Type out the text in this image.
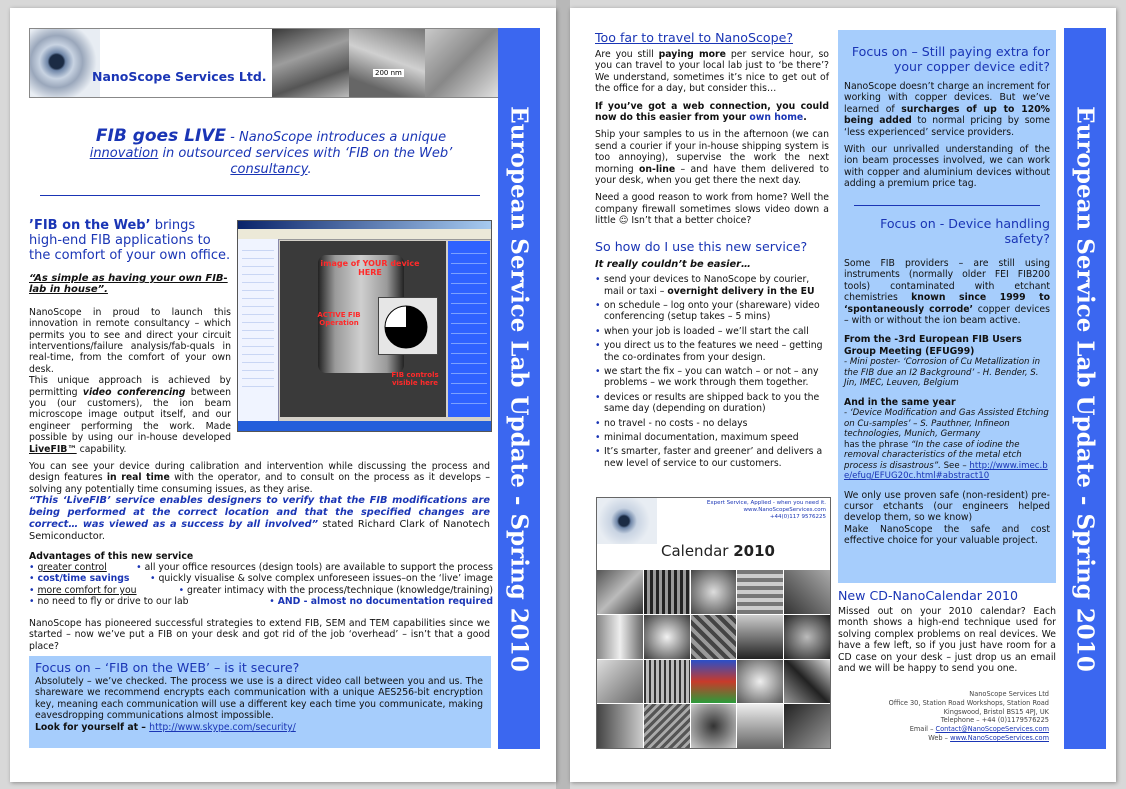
NanoScope Services Ltd.	200 nm
European Service Lab Update - Spring 2010
FIB goes LIVE - NanoScope introduces a unique innovation in outsourced services with ‘FIB on the Web’ consultancy.
’FIB on the Web’ brings high-end FIB applications to the comfort of your own office.
“As simple as having your own FIB-lab in house”.
NanoScope in proud to launch this innovation in remote consultancy – which permits you to see and direct your circuit interventions/failure analysis/fab-quals in real-time, from the comfort of your own desk.
This unique approach is achieved by permitting video conferencing between you (our customers), the ion beam microscope image output itself, and our engineer performing the work. Made possible by using our in-house developed LiveFIB™ capability.
image of YOUR device HERE
ACTIVE FIB Operation
FIB controls visible here
You can see your device during calibration and intervention while discussing the process and design features in real time with the operator, and to consult on the process as it develops – solving any potentially time consuming issues, as they arise.
“This ‘LiveFIB’ service enables designers to verify that the FIB modifications are being performed at the correct location and that the specified changes are correct… was viewed as a success by all involved” stated Richard Clark of Nanotech Semiconductor.
Advantages of this new service
• greater control	• all your office resources (design tools) are available to support the process
• cost/time savings • quickly visualise & solve complex unforeseen issues–on the ‘live’ image
• more comfort for you	• greater intimacy with the process/technique (knowledge/training)
• no need to fly or drive to our lab	• AND - almost no documentation required
NanoScope has pioneered successful strategies to extend FIB, SEM and TEM capabilities since we started – now we’ve put a FIB on your desk and got rid of the job ‘overhead’ – isn’t that a good place?
Focus on – ‘FIB on the WEB’ – is it secure?
Absolutely – we’ve checked. The process we use is a direct video call between you and us. The shareware we recommend encrypts each communication with a unique AES256-bit encryption key, meaning each communication will use a different key each time you communicate, making eavesdropping communications almost impossible.
Look for yourself at – http://www.skype.com/security/
Too far to travel to NanoScope?
Are you still paying more per service hour, so you can travel to your local lab just to ‘be there’? We understand, sometimes it’s nice to get out of the office for a day, but consider this…
If you’ve got a web connection, you could now do this easier from your own home.
Ship your samples to us in the afternoon (we can send a courier if your in-house shipping system is too annoying), supervise the work the next morning on-line – and have them delivered to your desk, when you get there the next day.
Need a good reason to work from home? Well the company firewall sometimes slows video down a little ☺ Isn’t that a better choice?
So how do I use this new service?
It really couldn’t be easier…
• send your devices to NanoScope by courier, mail or taxi – overnight delivery in the EU
• on schedule – log onto your (shareware) video conferencing (setup takes – 5 mins)
• when your job is loaded – we’ll start the call
• you direct us to the features we need – getting the co-ordinates from your design.
• we start the fix – you can watch – or not – any problems – we work through them together.
• devices or results are shipped back to you the same day (depending on duration)
• no travel - no costs - no delays
• minimal documentation, maximum speed
• It’s smarter, faster and greener’ and delivers a new level of service to our customers.
Expert Service, Applied - when you need it.
www.NanoScopeServices.com
+44(0)117 9576225
Calendar 2010
Focus on – Still paying extra for your copper device edit?
NanoScope doesn’t charge an increment for working with copper devices. But we’ve learned of surcharges of up to 120% being added to normal pricing by some ‘less experienced’ service providers.
With our unrivalled understanding of the ion beam processes involved, we can work with copper and aluminium devices without adding a premium price tag.
Focus on - Device handling safety?
Some FIB providers – are still using instruments (normally older FEI FIB200 tools) contaminated with etchant chemistries known since 1999 to ‘spontaneously corrode’ copper devices – with or without the ion beam active.
From the -3rd European FIB Users Group Meeting (EFUG99)
- Mini poster- ‘Corrosion of Cu Metallization in the FIB due an I2 Background’ - H. Bender, S. Jin, IMEC, Leuven, Belgium
And in the same year
- ‘Device Modification and Gas Assisted Etching on Cu-samples’ – S. Pauthner, Infineon technologies, Munich, Germany
has the phrase “In the case of iodine the removal characteristics of the metal etch process is disastrous”. See – http://www.imec.be/efug/EFUG20c.html#abstract10
We only use proven safe (non-resident) pre-cursor etchants (our engineers helped develop them, so we know)
Make NanoScope the safe and cost effective choice for your valuable project.
New CD-NanoCalendar 2010
Missed out on your 2010 calendar? Each month shows a high-end technique used for solving complex problems on real devices. We have a few left, so if you just have room for a CD case on your desk – just drop us an email and we will be happy to send you one.
NanoScope Services Ltd
Office 30, Station Road Workshops, Station Road
Kingswood, Bristol BS15 4PJ, UK
Telephone – +44 (0)1179576225
Email – Contact@NanoScopeServices.com
Web – www.NanoScopeServices.com
European Service Lab Update - Spring 2010
